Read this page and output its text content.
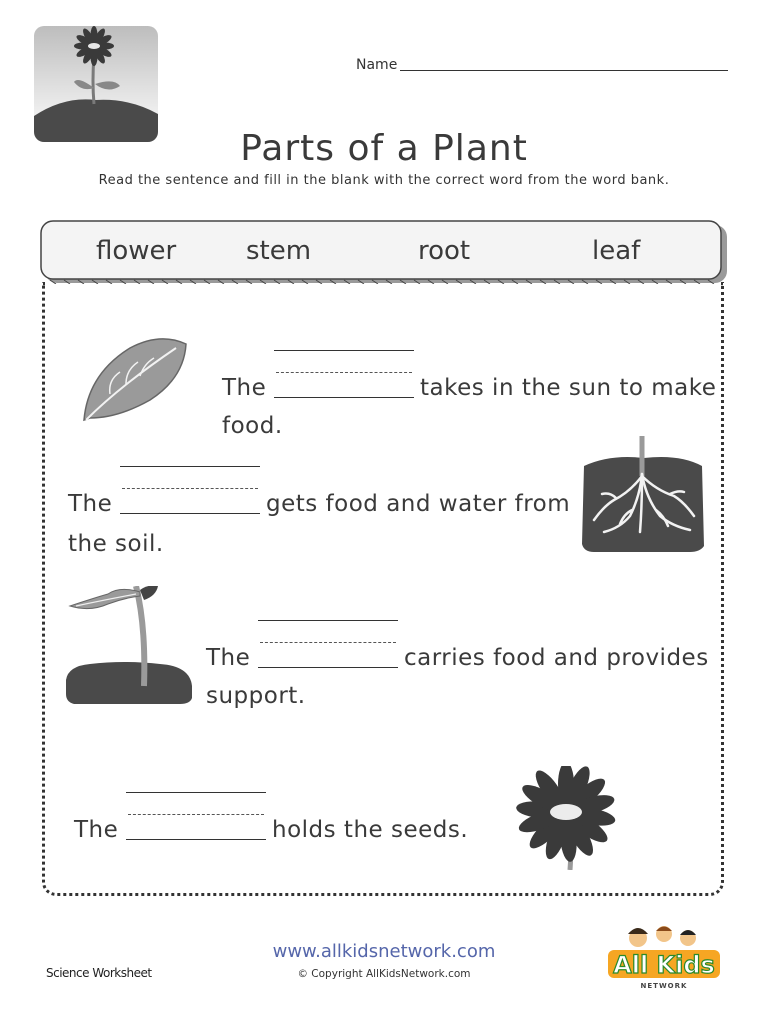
Name
Parts of a Plant
Read the sentence and fill in the blank with the correct word from the word bank.
flower	stem	root	leaf
The	takes in the sun to make
food.
The	gets food and water from
the soil.
The	carries food and provides
support.
The	holds the seeds.
www.allkidsnetwork.com
© Copyright AllKidsNetwork.com
Science Worksheet	All Kids
NETWORK
